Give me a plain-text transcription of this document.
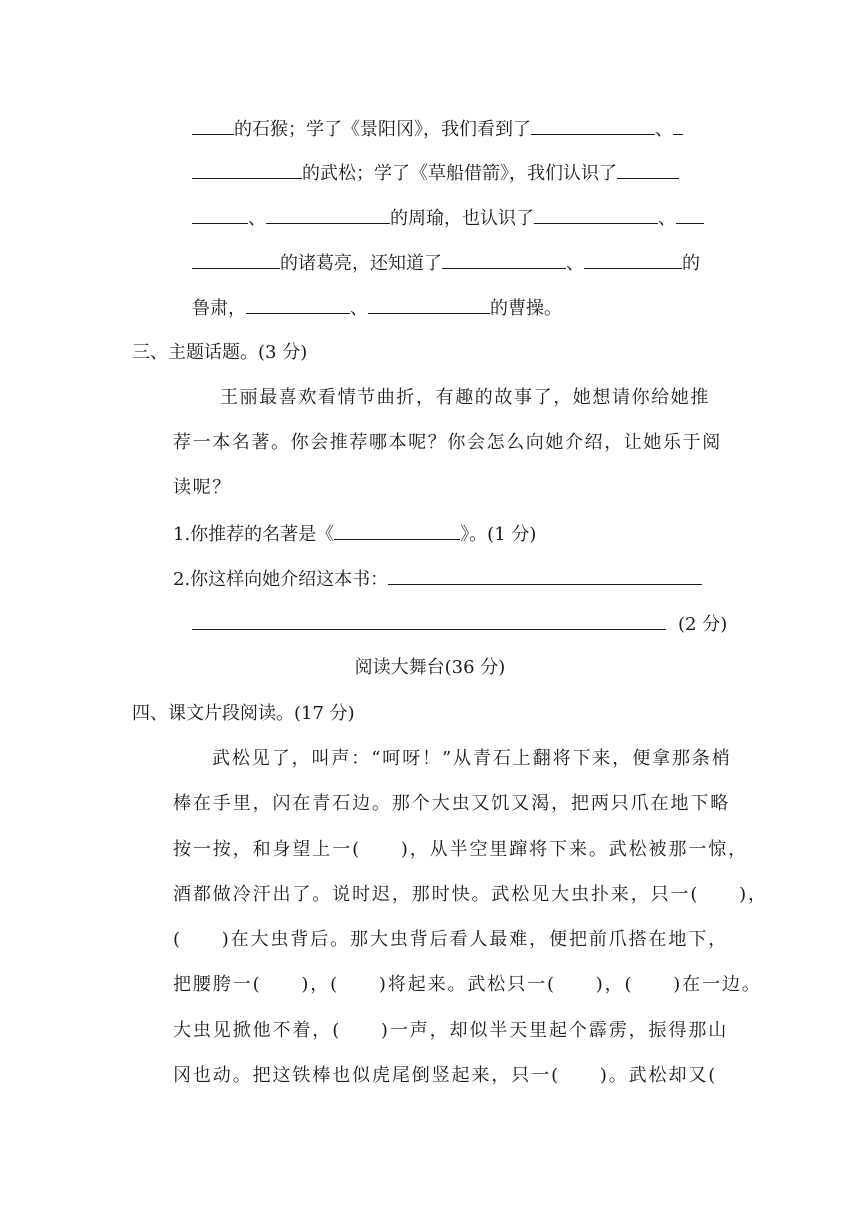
的石猴；学了《景阳冈》，我们看到了	、
的武松；学了《草船借箭》，我们认识了
、	的周瑜，也认识了	、
的诸葛亮，还知道了	、	的
鲁肃，	、	的曹操。
三、主题话题。(3 分)
王丽最喜欢看情节曲折，有趣的故事了，她想请你给她推
荐一本名著。你会推荐哪本呢？你会怎么向她介绍，让她乐于阅
读呢？
1.你推荐的名著是《	》。(1 分)
2.你这样向她介绍这本书：
(2 分)
阅读大舞台(36 分)
四、课文片段阅读。(17 分)
武松见了，叫声：“呵呀！”从青石上翻将下来，便拿那条梢
棒在手里，闪在青石边。那个大虫又饥又渴，把两只爪在地下略
按一按，和身望上一(　　)，从半空里蹿将下来。武松被那一惊，
酒都做冷汗出了。说时迟，那时快。武松见大虫扑来，只一(　　)，
(　　)在大虫背后。那大虫背后看人最难，便把前爪搭在地下，
把腰胯一(　　)，(　　)将起来。武松只一(　　)，(　　)在一边。
大虫见掀他不着，(　　)一声，却似半天里起个霹雳，振得那山
冈也动。把这铁棒也似虎尾倒竖起来，只一(　　)。武松却又(
